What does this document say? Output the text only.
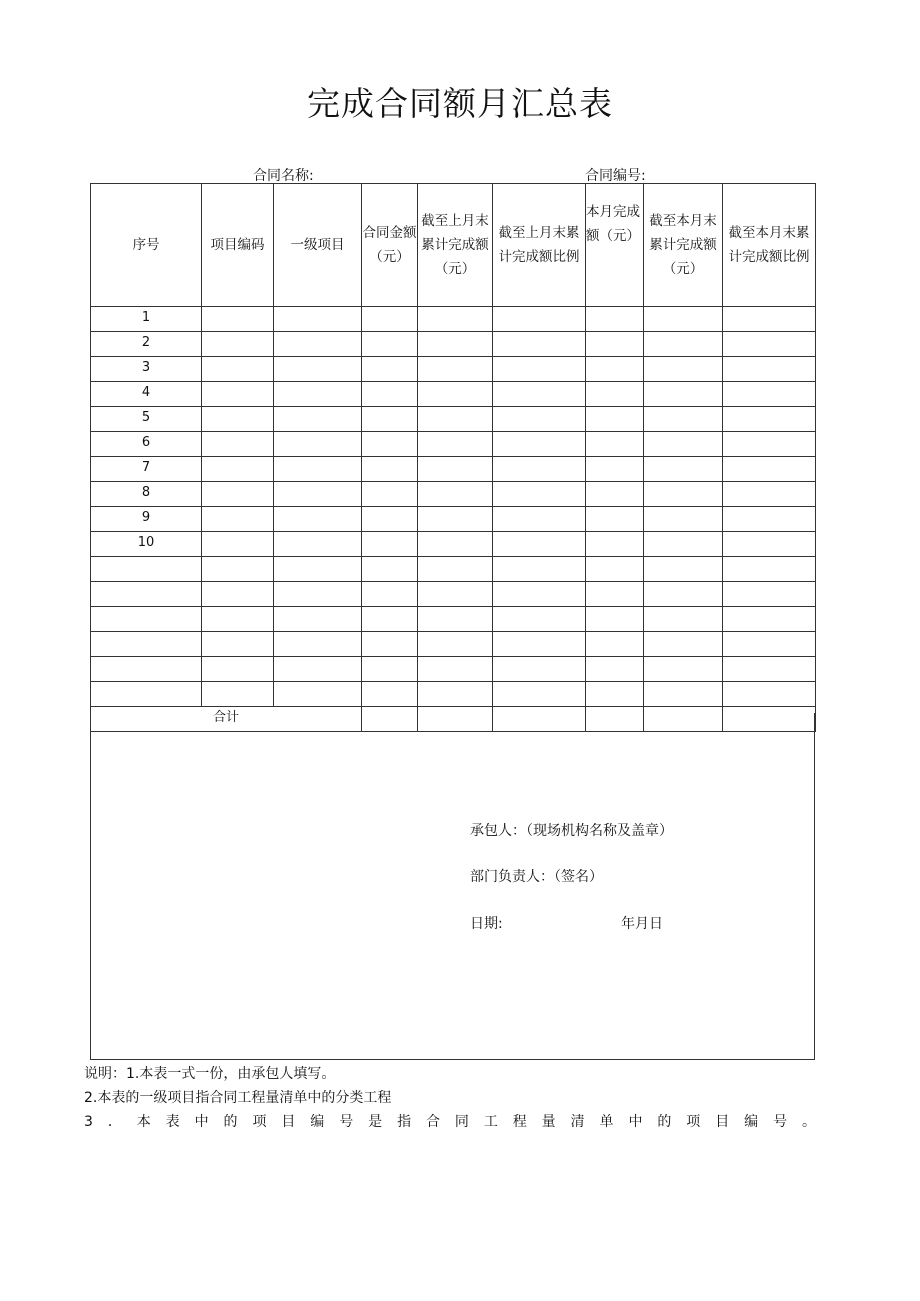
完成合同额月汇总表
合同名称:	合同编号:
序号	项目编码	一级项目	合同金额（元）	截至上月末累计完成额（元）	截至上月末累计完成额比例	本月完成额（元）	截至本月末累计完成额（元）	截至本月末累计完成额比例
1								
2								
3								
4								
5								
6								
7								
8								
9								
10								

合计								
承包人：（现场机构名称及盖章）
部门负责人：（签名）
日期:	年月日
说明：1.本表一式一份，由承包人填写。
2.本表的一级项目指合同工程量清单中的分类工程
3．本表中的项目编号是指合同工程量清单中的项目编号。
